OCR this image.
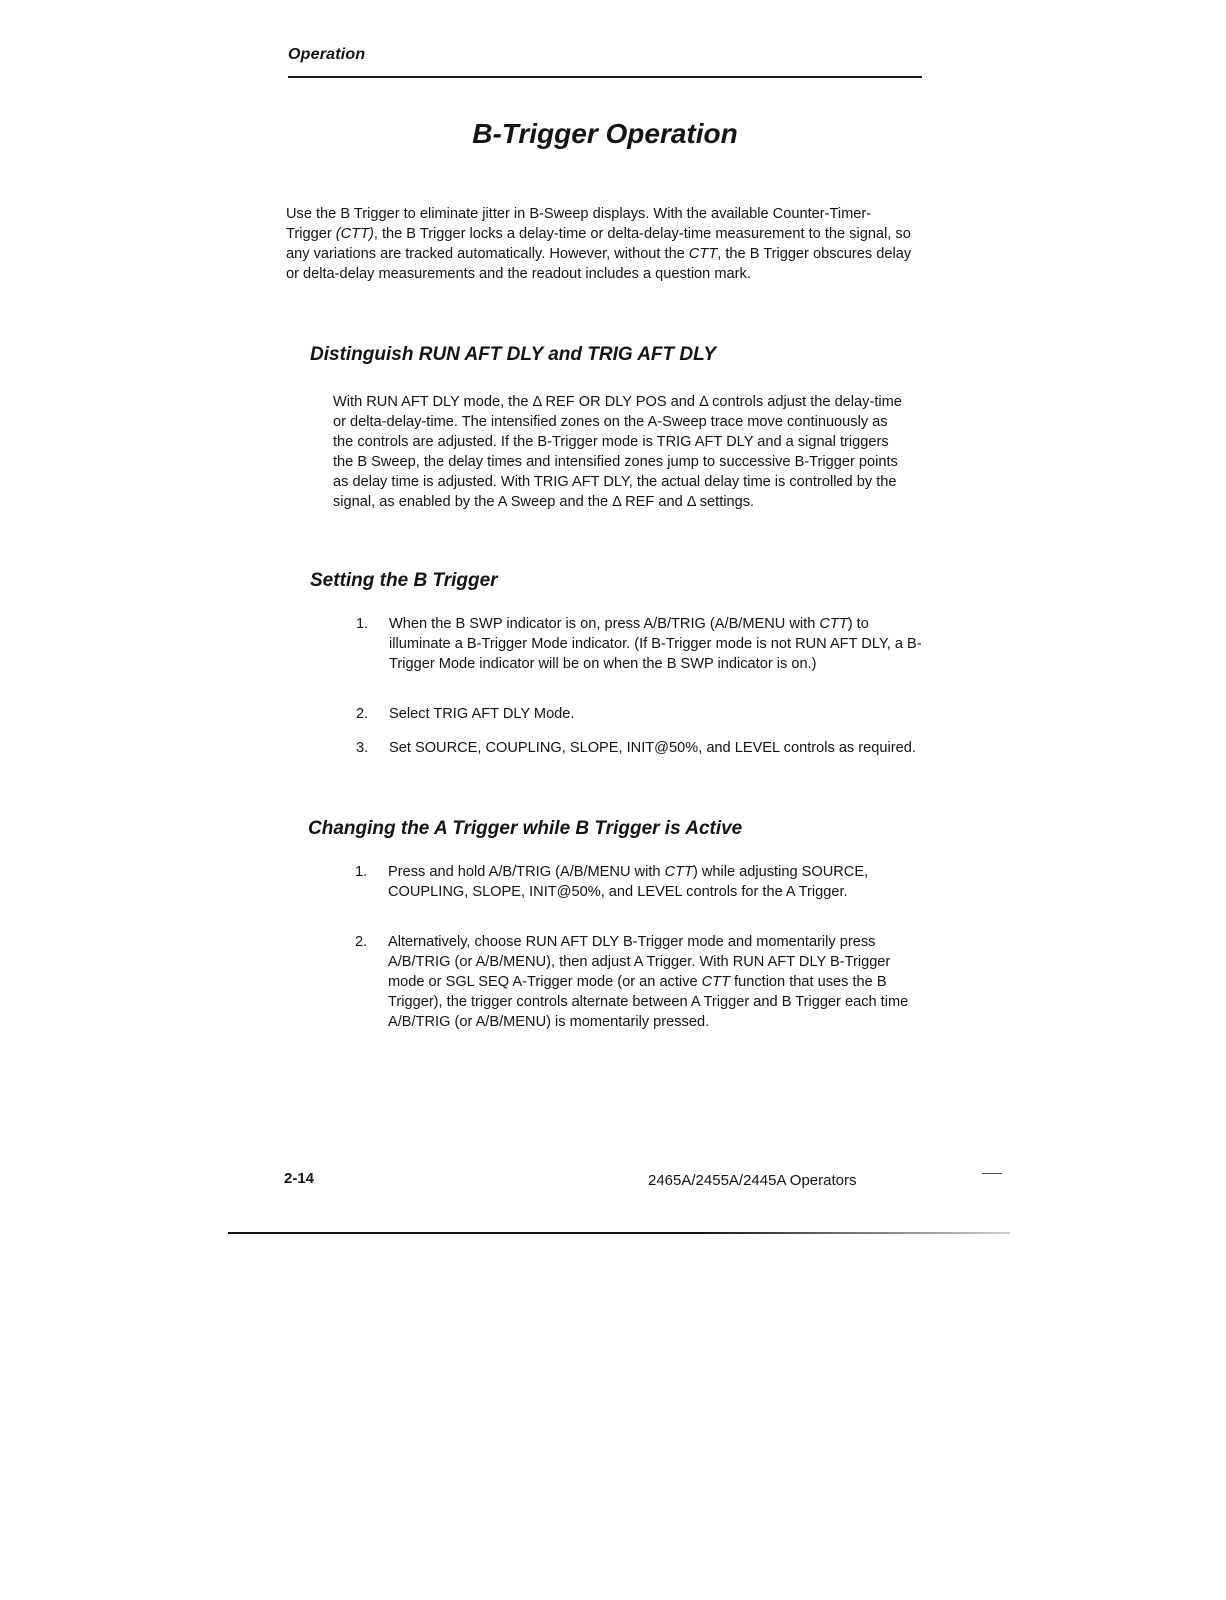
Operation
B-Trigger Operation

Use the B Trigger to eliminate jitter in B-Sweep displays. With the available Counter-Timer-Trigger (CTT), the B Trigger locks a delay-time or delta-delay-time measurement to the signal, so any variations are tracked automatically. However, without the CTT, the B Trigger obscures delay or delta-delay measurements and the readout includes a question mark.

Distinguish RUN AFT DLY and TRIG AFT DLY

With RUN AFT DLY mode, the Δ REF OR DLY POS and Δ controls adjust the delay-time or delta-delay-time. The intensified zones on the A-Sweep trace move continuously as the controls are adjusted. If the B-Trigger mode is TRIG AFT DLY and a signal triggers the B Sweep, the delay times and intensified zones jump to successive B-Trigger points as delay time is adjusted. With TRIG AFT DLY, the actual delay time is controlled by the signal, as enabled by the A Sweep and the Δ REF and Δ settings.

Setting the B Trigger
1.	When the B SWP indicator is on, press A/B/TRIG (A/B/MENU with CTT) to illuminate a B-Trigger Mode indicator. (If B-Trigger mode is not RUN AFT DLY, a B-Trigger Mode indicator will be on when the B SWP indicator is on.)
2.	Select TRIG AFT DLY Mode.
3.	Set SOURCE, COUPLING, SLOPE, INIT@50%, and LEVEL controls as required.
Changing the A Trigger while B Trigger is Active
1.	Press and hold A/B/TRIG (A/B/MENU with CTT) while adjusting SOURCE, COUPLING, SLOPE, INIT@50%, and LEVEL controls for the A Trigger.
2.	Alternatively, choose RUN AFT DLY B-Trigger mode and momentarily press A/B/TRIG (or A/B/MENU), then adjust A Trigger. With RUN AFT DLY B-Trigger mode or SGL SEQ A-Trigger mode (or an active CTT function that uses the B Trigger), the trigger controls alternate between A Trigger and B Trigger each time A/B/TRIG (or A/B/MENU) is momentarily pressed.
2-14	2465A/2455A/2445A Operators
